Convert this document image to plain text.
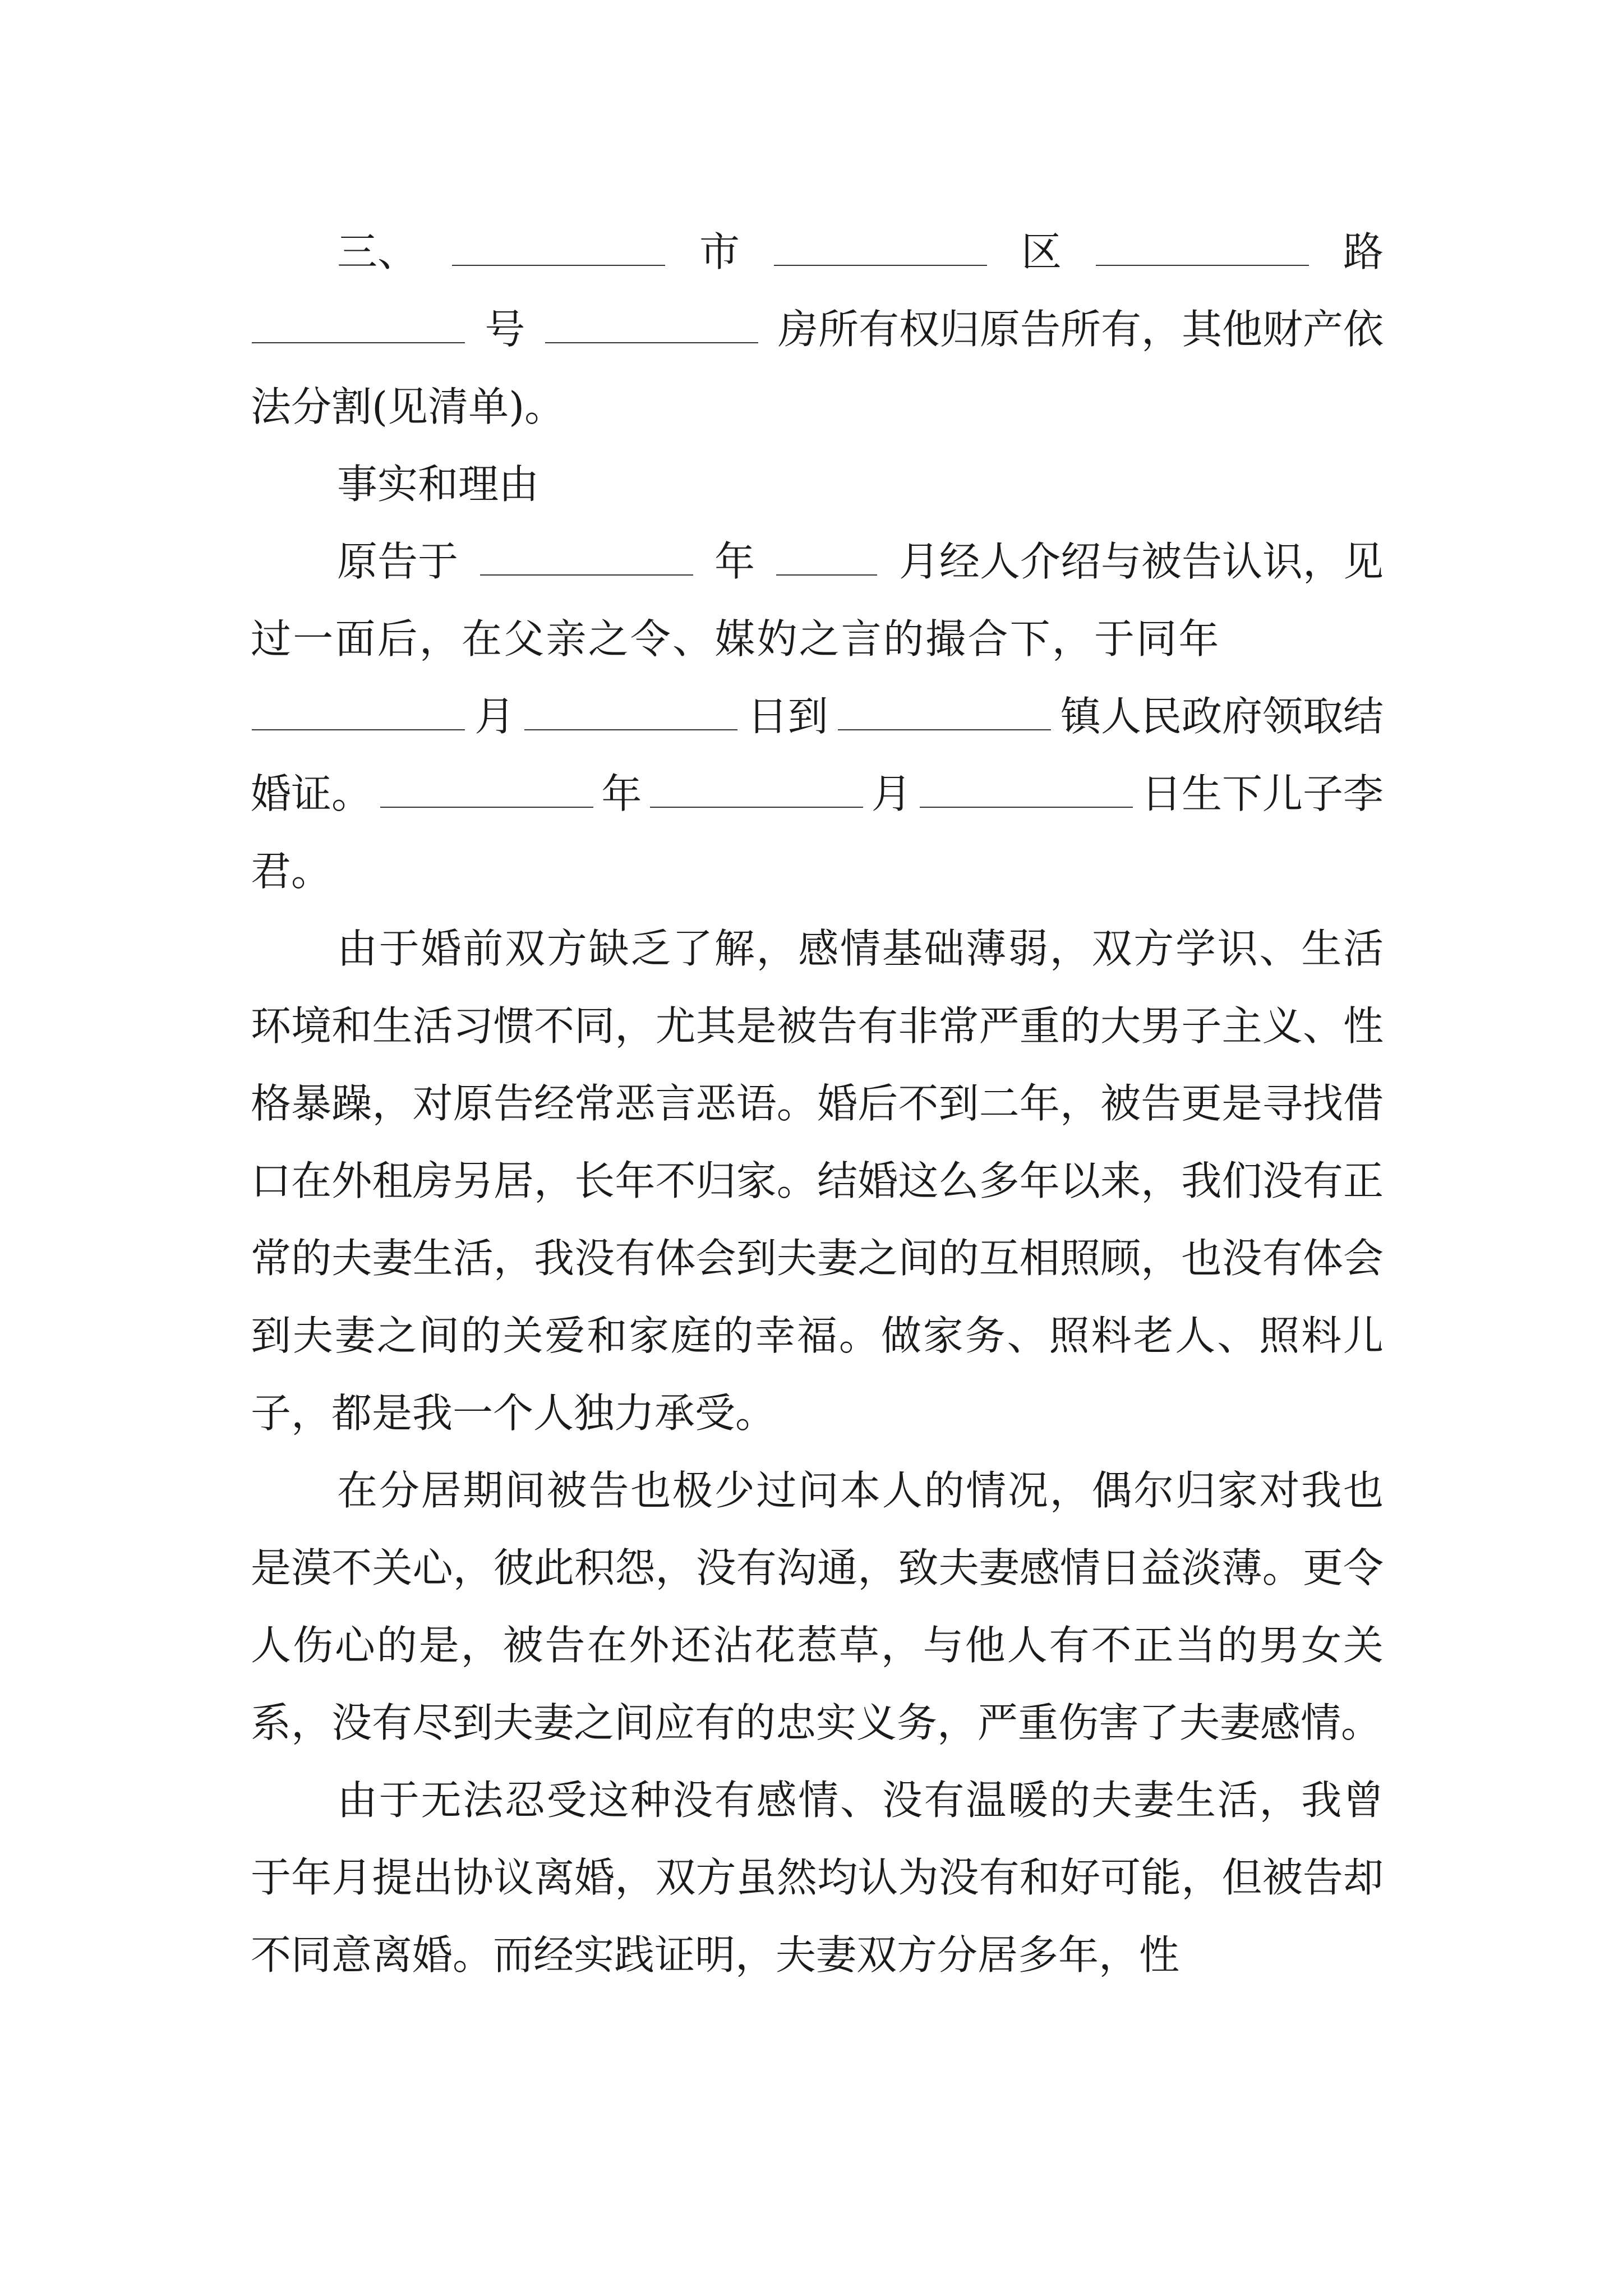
三、	市	区	路
号	房所有权归原告所有，其他财产依
法分割(见清单)。
事实和理由
原告于	年	月经人介绍与被告认识，见
过一面后，在父亲之令、媒妁之言的撮合下，于同年
月	日到	镇人民政府领取结
婚证。	年	月	日生下儿子李
君。
由于婚前双方缺乏了解，感情基础薄弱，双方学识、生活环境和生活习惯不同，尤其是被告有非常严重的大男子主义、性格暴躁，对原告经常恶言恶语。婚后不到二年，被告更是寻找借口在外租房另居，长年不归家。结婚这么多年以来，我们没有正常的夫妻生活，我没有体会到夫妻之间的互相照顾，也没有体会到夫妻之间的关爱和家庭的幸福。做家务、照料老人、照料儿子，都是我一个人独力承受。
在分居期间被告也极少过问本人的情况，偶尔归家对我也是漠不关心，彼此积怨，没有沟通，致夫妻感情日益淡薄。更令人伤心的是，被告在外还沾花惹草，与他人有不正当的男女关系，没有尽到夫妻之间应有的忠实义务，严重伤害了夫妻感情。
由于无法忍受这种没有感情、没有温暖的夫妻生活，我曾于年月提出协议离婚，双方虽然均认为没有和好可能，但被告却不同意离婚。而经实践证明，夫妻双方分居多年，性
